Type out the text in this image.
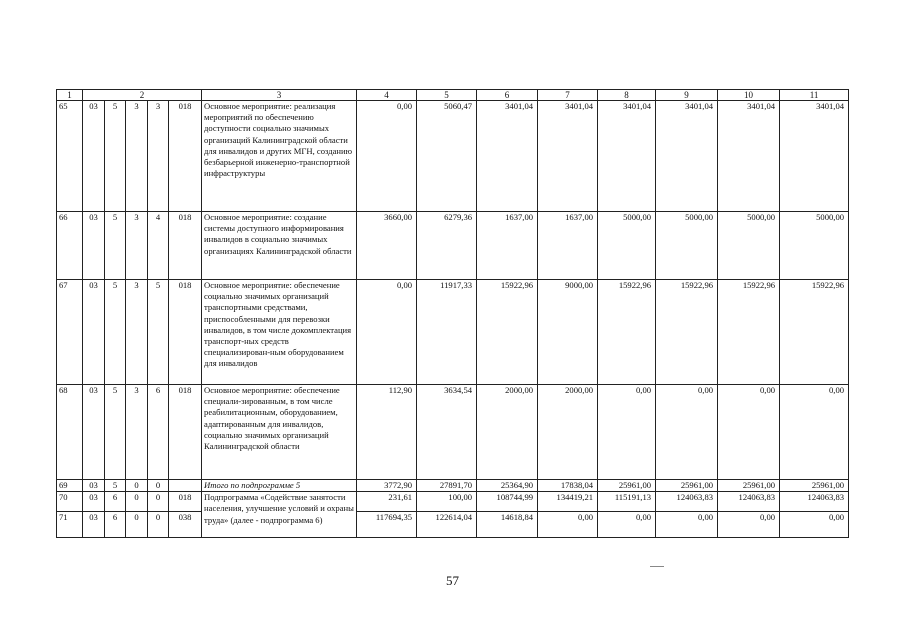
1	2					3	4	5	6	7	8	9	10	11
65	03	5	3	3	018	Основное мероприятие: реализация мероприятий по обеспечению доступности социально значимых организаций Калининградской области для инвалидов и других МГН, созданию безбарьерной инженерно-транспортной инфраструктуры	0,00	5060,47	3401,04	3401,04	3401,04	3401,04	3401,04	3401,04
66	03	5	3	4	018	Основное мероприятие: создание системы доступного информирования инвалидов в социально значимых организациях Калининградской области	3660,00	6279,36	1637,00	1637,00	5000,00	5000,00	5000,00	5000,00
67	03	5	3	5	018	Основное мероприятие: обеспечение социально значимых организаций транспортными средствами, приспособленными для перевозки инвалидов, в том числе докомплектация транспорт-ных средств специализирован-ным оборудованием для инвалидов	0,00	11917,33	15922,96	9000,00	15922,96	15922,96	15922,96	15922,96
68	03	5	3	6	018	Основное мероприятие: обеспечение специали-зированным, в том числе реабилитационным, оборудованием, адаптированным для инвалидов, социально значимых организаций Калининградской области	112,90	3634,54	2000,00	2000,00	0,00	0,00	0,00	0,00
69	03	5	0	0		Итого по подпрограмме 5	3772,90	27891,70	25364,90	17838,04	25961,00	25961,00	25961,00	25961,00
70	03	6	0	0	018	Подпрограмма «Содействие занятости населения, улучшение условий и охраны труда» (далее - подпрограмма 6)	231,61	100,00	108744,99	134419,21	115191,13	124063,83	124063,83	124063,83
71	03	6	0	0	038		117694,35	122614,04	14618,84	0,00	0,00	0,00	0,00	0,00
57
